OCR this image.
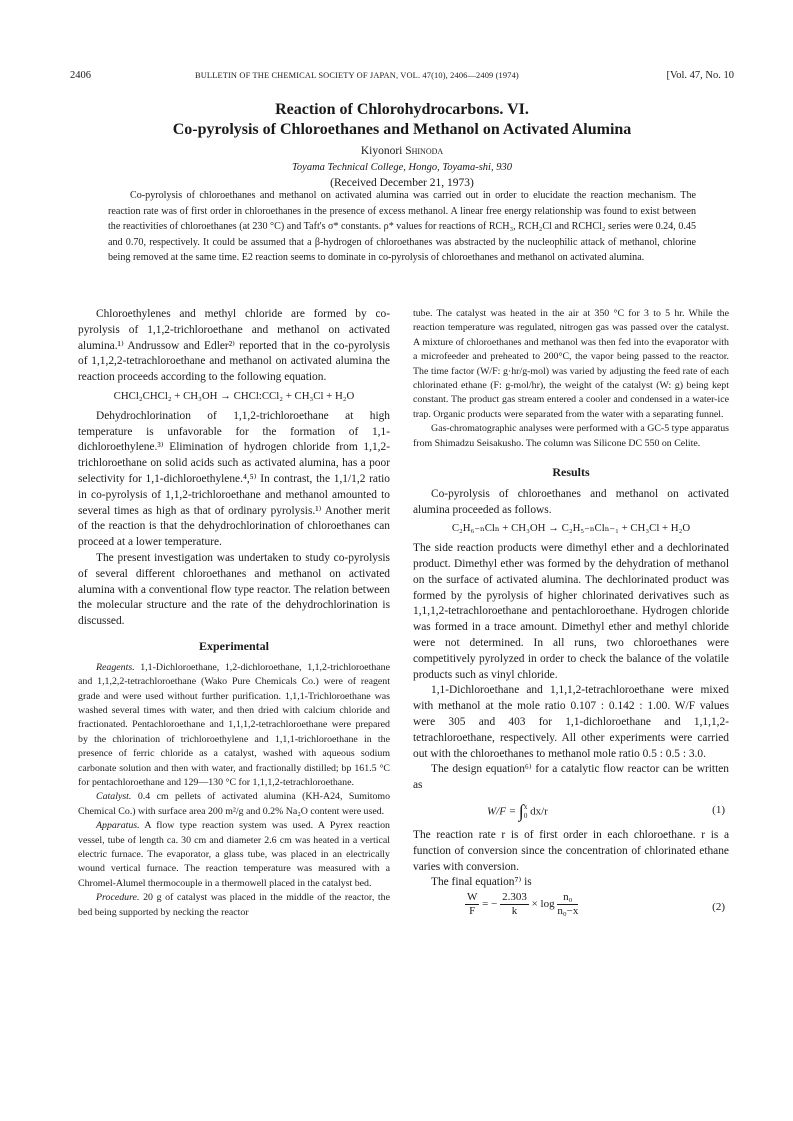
2406	BULLETIN OF THE CHEMICAL SOCIETY OF JAPAN, VOL. 47(10), 2406—2409 (1974)	[Vol. 47, No. 10
Reaction of Chlorohydrocarbons. VI.
Co-pyrolysis of Chloroethanes and Methanol on Activated Alumina
Kiyonori Shinoda
Toyama Technical College, Hongo, Toyama-shi, 930
(Received December 21, 1973)

Co-pyrolysis of chloroethanes and methanol on activated alumina was carried out in order to elucidate the reaction mechanism. The reaction rate was of first order in chloroethanes in the presence of excess methanol. A linear free energy relationship was found to exist between the reactivities of chloroethanes (at 230 °C) and Taft's σ* constants. ρ* values for reactions of RCH₃, RCH₂Cl and RCHCl₂ series were 0.24, 0.45 and 0.70, respectively. It could be assumed that a β-hydrogen of chloroethanes was abstracted by the nucleophilic attack of methanol, chlorine being removed at the same time. E2 reaction seems to dominate in co-pyrolysis of chloroethanes and methanol on activated alumina.

Chloroethylenes and methyl chloride are formed by co-pyrolysis of 1,1,2-trichloroethane and methanol on activated alumina.¹⁾ Andrussow and Edler²⁾ reported that in the co-pyrolysis of 1,1,2,2-tetrachloroethane and methanol on activated alumina the reaction proceeds according to the following equation.

CHCl₂CHCl₂ + CH₃OH → CHCl:CCl₂ + CH₃Cl + H₂O

Dehydrochlorination of 1,1,2-trichloroethane at high temperature is unfavorable for the formation of 1,1-dichloroethylene.³⁾ Elimination of hydrogen chloride from 1,1,2-trichloroethane on solid acids such as activated alumina, has a poor selectivity for 1,1-dichloroethylene.⁴,⁵⁾ In contrast, the 1,1/1,2 ratio in co-pyrolysis of 1,1,2-trichloroethane and methanol amounted to several times as high as that of ordinary pyrolysis.¹⁾ Another merit of the reaction is that the dehydrochlorination of chloroethanes can proceed at a lower temperature.

The present investigation was undertaken to study co-pyrolysis of several different chloroethanes and methanol on activated alumina with a conventional flow type reactor. The relation between the molecular structure and the rate of the dehydrochlorination is discussed.

Experimental

Reagents. 1,1-Dichloroethane, 1,2-dichloroethane, 1,1,2-trichloroethane and 1,1,2,2-tetrachloroethane (Wako Pure Chemicals Co.) were of reagent grade and were used without further purification. 1,1,1-Trichloroethane was washed several times with water, and then dried with calcium chloride and fractionated. Pentachloroethane and 1,1,1,2-tetrachloroethane were prepared by the chlorination of trichloroethylene and 1,1,1-trichloroethane in the presence of ferric chloride as a catalyst, washed with aqueous sodium carbonate solution and then with water, and fractionally distilled; bp 161.5 °C for pentachloroethane and 129—130 °C for 1,1,1,2-tetrachloroethane.

Catalyst. 0.4 cm pellets of activated alumina (KH-A24, Sumitomo Chemical Co.) with surface area 200 m²/g and 0.2% Na₂O content were used.

Apparatus. A flow type reaction system was used. A Pyrex reaction vessel, tube of length ca. 30 cm and diameter 2.6 cm was heated in a vertical electric furnace. The evaporator, a glass tube, was placed in an electrically wound vertical furnace. The reaction temperature was measured with a Chromel-Alumel thermocouple in a thermowell placed in the catalyst bed.

Procedure. 20 g of catalyst was placed in the middle of the reactor, the bed being supported by necking the reactor

tube. The catalyst was heated in the air at 350 °C for 3 to 5 hr. While the reaction temperature was regulated, nitrogen gas was passed over the catalyst. A mixture of chloroethanes and methanol was then fed into the evaporator with a microfeeder and preheated to 200°C, the vapor being passed to the reactor. The time factor (W/F: g·hr/g-mol) was varied by adjusting the feed rate of each chlorinated ethane (F: g-mol/hr), the weight of the catalyst (W: g) being kept constant. The product gas stream entered a cooler and condensed in a water-ice trap. Organic products were separated from the water with a separating funnel.

Gas-chromatographic analyses were performed with a GC-5 type apparatus from Shimadzu Seisakusho. The column was Silicone DC 550 on Celite.

Results

Co-pyrolysis of chloroethanes and methanol on activated alumina proceeded as follows.

C₂H₆₋ₙClₙ + CH₃OH → C₂H₅₋ₙClₙ₋₁ + CH₃Cl + H₂O

The side reaction products were dimethyl ether and a dechlorinated product. Dimethyl ether was formed by the dehydration of methanol on the surface of activated alumina. The dechlorinated product was formed by the pyrolysis of higher chlorinated derivatives such as 1,1,1,2-tetrachloroethane and pentachloroethane. Hydrogen chloride was formed in a trace amount. Dimethyl ether and methyl chloride were not determined. In all runs, two chloroethanes were competitively pyrolyzed in order to check the balance of the volatile products such as vinyl chloride.

1,1-Dichloroethane and 1,1,1,2-tetrachloroethane were mixed with methanol at the mole ratio 0.107 : 0.142 : 1.00. W/F values were 305 and 403 for 1,1-dichloroethane and 1,1,1,2-tetrachloroethane, respectively. All other experiments were carried out with the chloroethanes to methanol mole ratio 0.5 : 0.5 : 3.0.

The design equation⁶⁾ for a catalytic flow reactor can be written as

W/F = ∫ x
0 dx/r	(1)

The reaction rate r is of first order in each chloroethane. r is a function of conversion since the concentration of chlorinated ethane varies with conversion.

The final equation⁷⁾ is

$\frac{W}{F}$ = − $\frac{2.303}{k} \times \log \frac{\text{n₀}}{\text{n₀−x}}$	(2)
